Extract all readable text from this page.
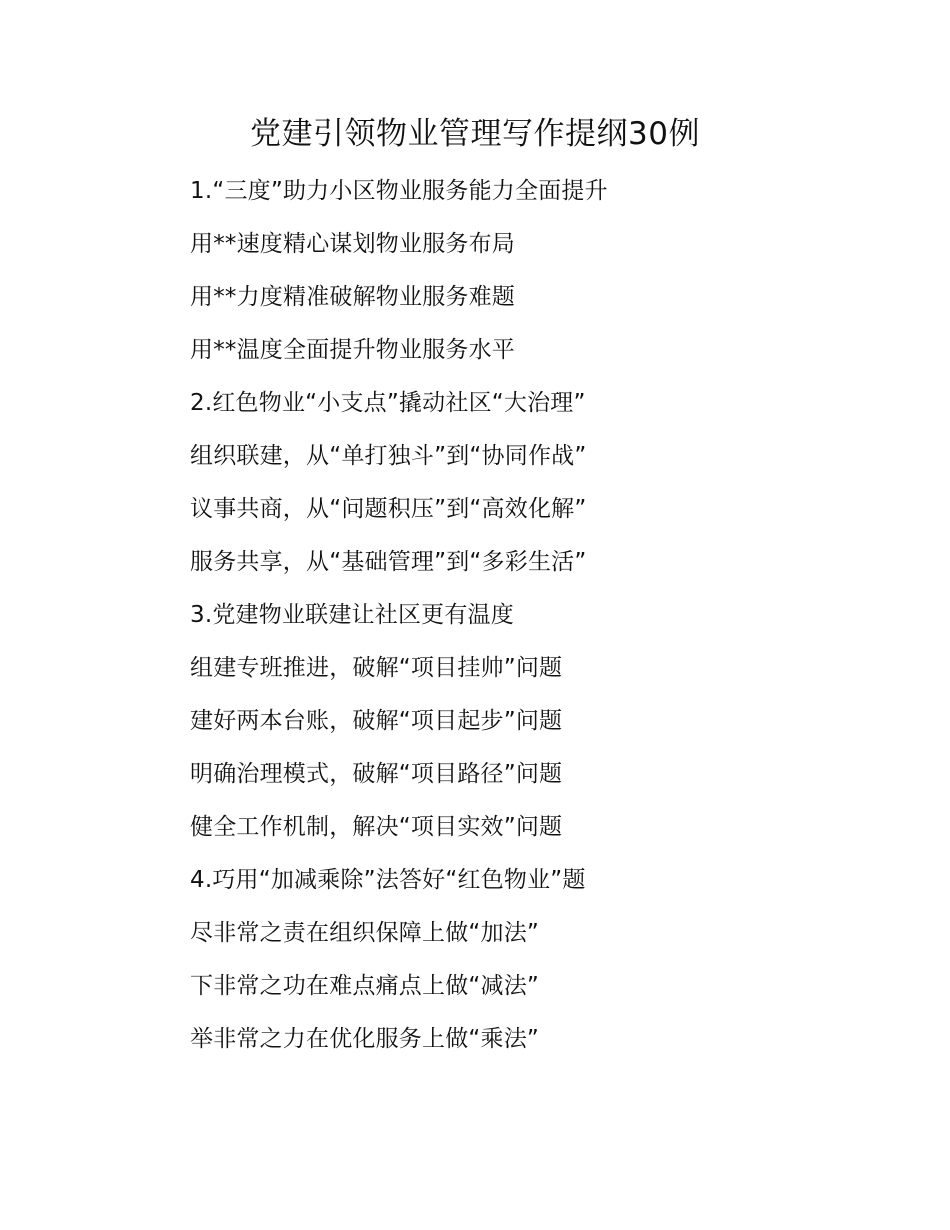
党建引领物业管理写作提纲30例
1.“三度”助力小区物业服务能力全面提升
用**速度精心谋划物业服务布局
用**力度精准破解物业服务难题
用**温度全面提升物业服务水平
2.红色物业“小支点”撬动社区“大治理”
组织联建，从“单打独斗”到“协同作战”
议事共商，从“问题积压”到“高效化解”
服务共享，从“基础管理”到“多彩生活”
3.党建物业联建让社区更有温度
组建专班推进，破解“项目挂帅”问题
建好两本台账，破解“项目起步”问题
明确治理模式，破解“项目路径”问题
健全工作机制，解决“项目实效”问题
4.巧用“加减乘除”法答好“红色物业”题
尽非常之责在组织保障上做“加法”
下非常之功在难点痛点上做“减法”
举非常之力在优化服务上做“乘法”
